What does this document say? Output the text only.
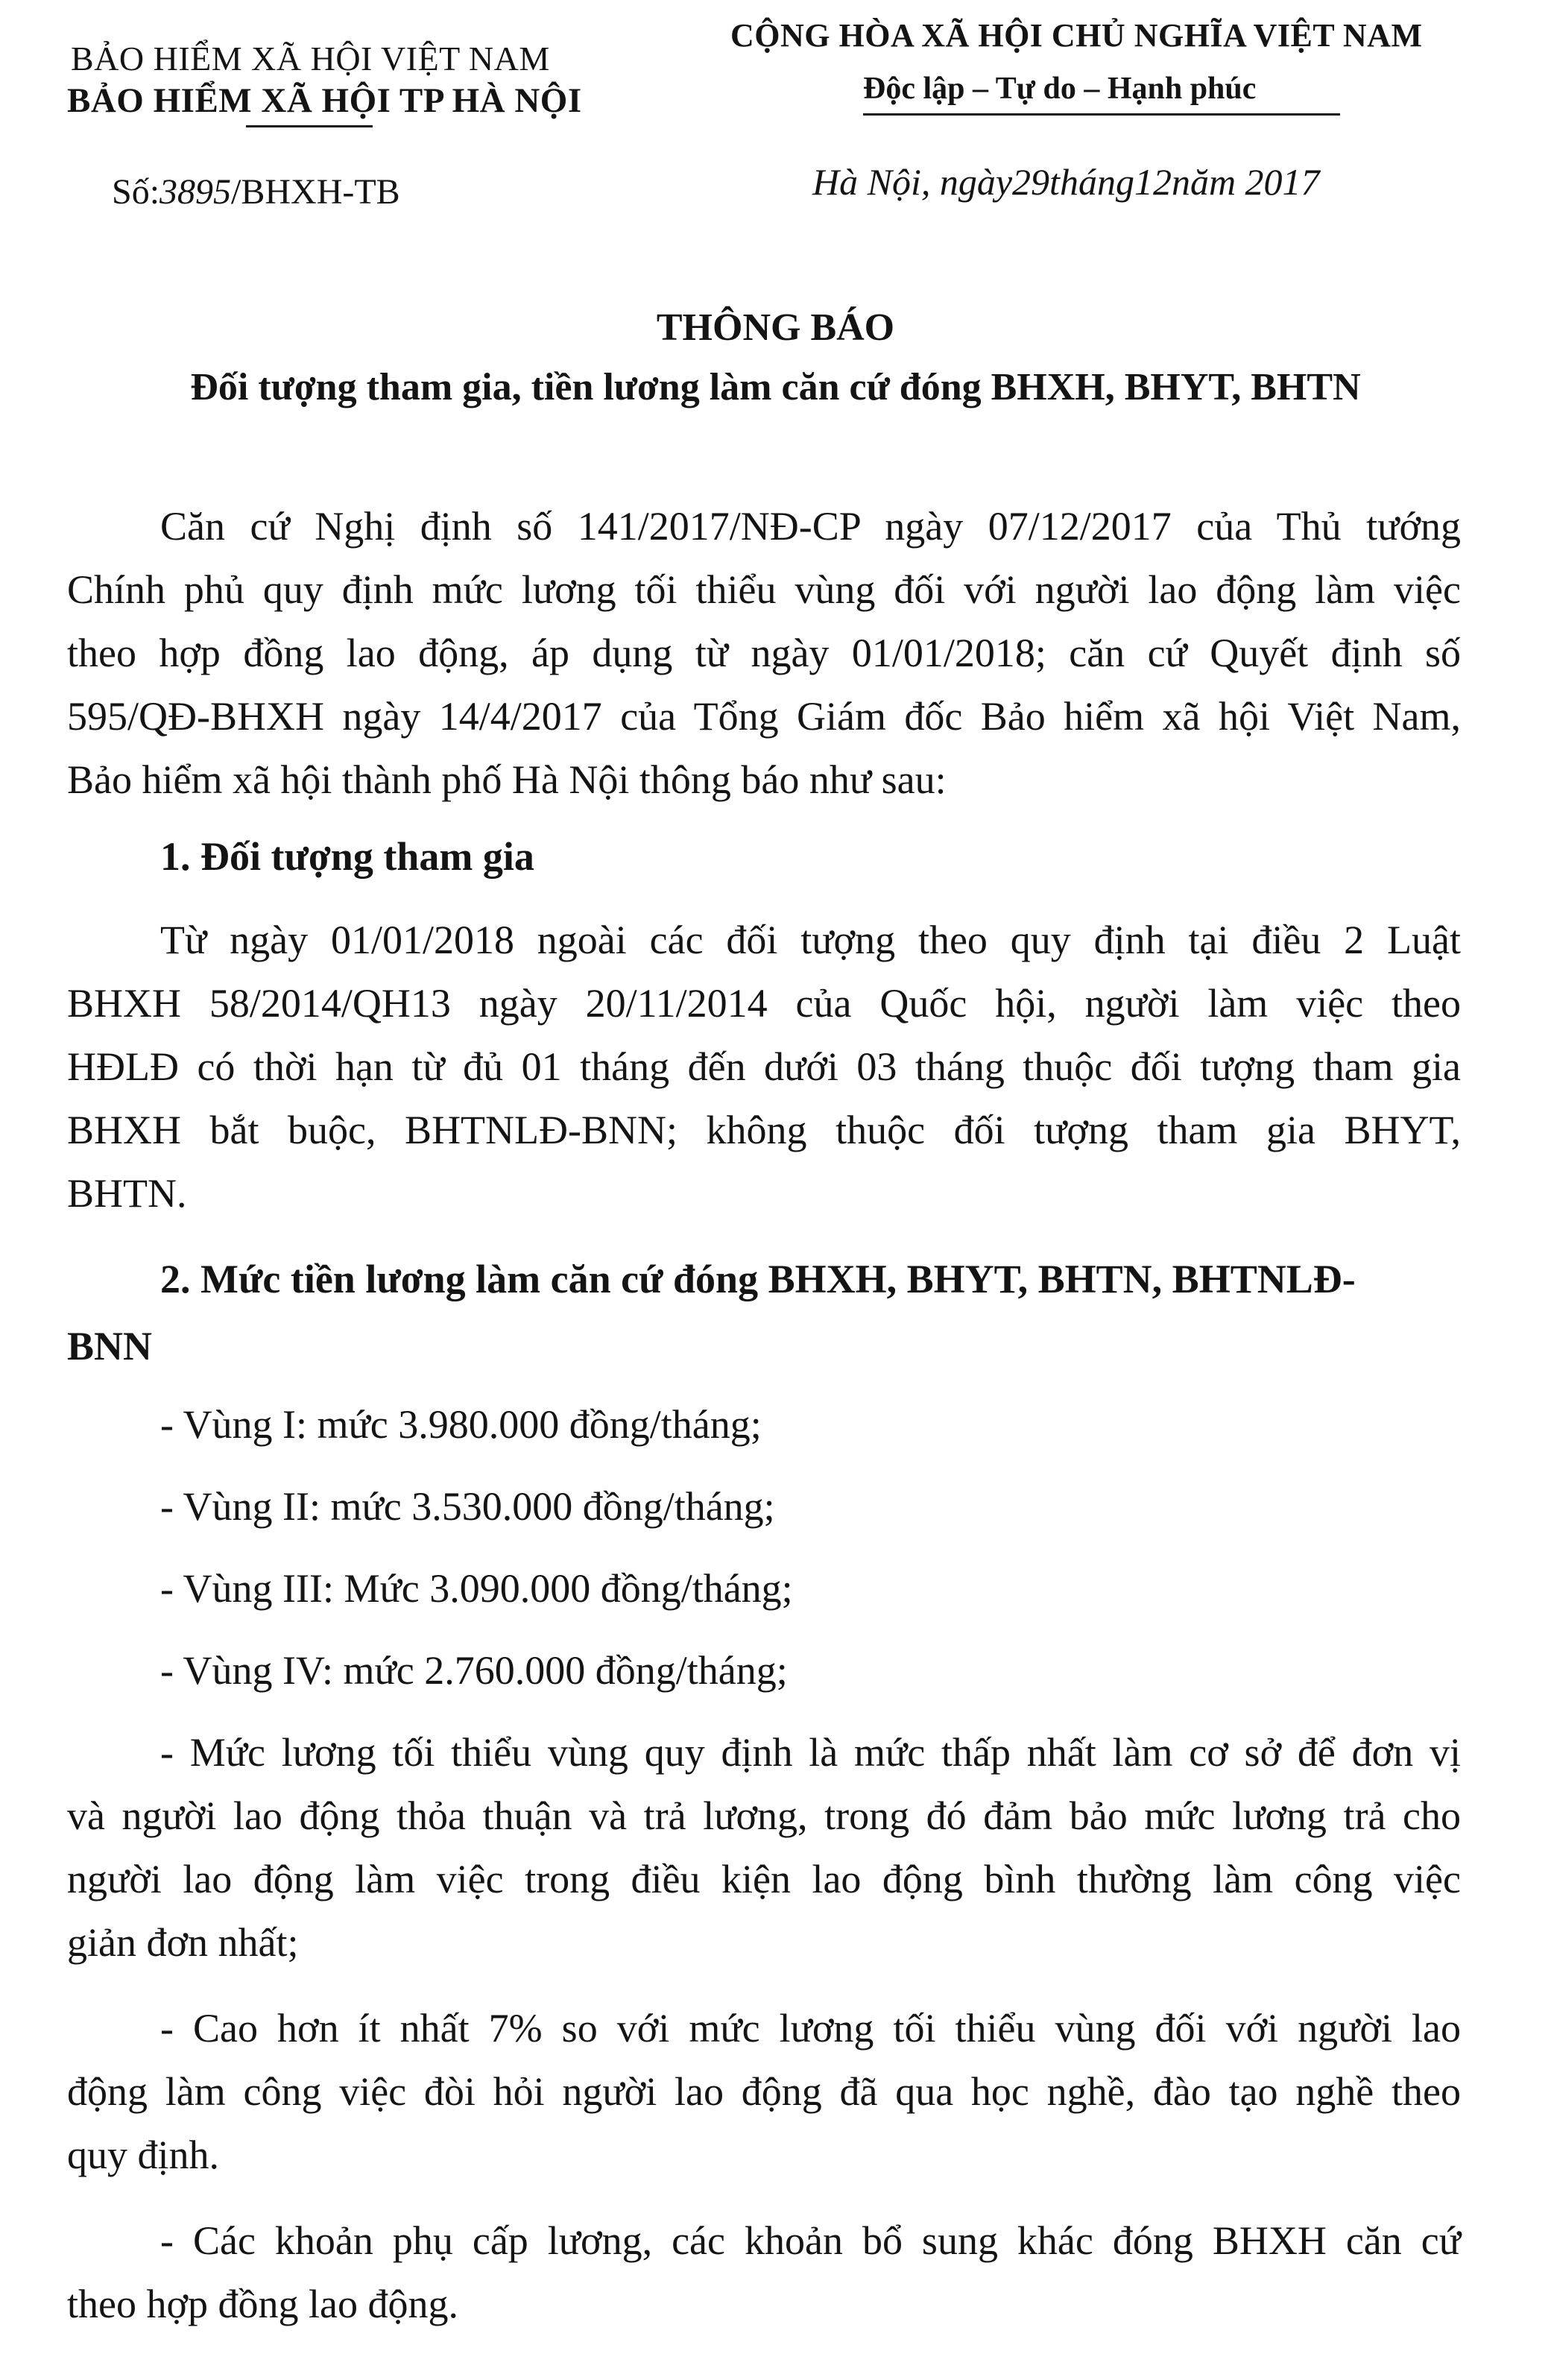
BẢO HIỂM XÃ HỘI VIỆT NAM
BẢO HIỂM XÃ HỘI TP HÀ NỘI
Số:3895/BHXH-TB
CỘNG HÒA XÃ HỘI CHỦ NGHĨA VIỆT NAM
Độc lập – Tự do – Hạnh phúc
Hà Nội, ngày29tháng12năm 2017
THÔNG BÁO
Đối tượng tham gia, tiền lương làm căn cứ đóng BHXH, BHYT, BHTN
Căn cứ Nghị định số 141/2017/NĐ-CP ngày 07/12/2017 của Thủ tướng
Chính phủ quy định mức lương tối thiểu vùng đối với người lao động làm việc
theo hợp đồng lao động, áp dụng từ ngày 01/01/2018; căn cứ Quyết định số
595/QĐ-BHXH ngày 14/4/2017 của Tổng Giám đốc Bảo hiểm xã hội Việt Nam,
Bảo hiểm xã hội thành phố Hà Nội thông báo như sau:
1. Đối tượng tham gia
Từ ngày 01/01/2018 ngoài các đối tượng theo quy định tại điều 2 Luật
BHXH 58/2014/QH13 ngày 20/11/2014 của Quốc hội, người làm việc theo
HĐLĐ có thời hạn từ đủ 01 tháng đến dưới 03 tháng thuộc đối tượng tham gia
BHXH bắt buộc, BHTNLĐ-BNN; không thuộc đối tượng tham gia BHYT,
BHTN.
2. Mức tiền lương làm căn cứ đóng BHXH, BHYT, BHTN, BHTNLĐ-
BNN
- Vùng I: mức 3.980.000 đồng/tháng;
- Vùng II: mức 3.530.000 đồng/tháng;
- Vùng III: Mức 3.090.000 đồng/tháng;
- Vùng IV: mức 2.760.000 đồng/tháng;
- Mức lương tối thiểu vùng quy định là mức thấp nhất làm cơ sở để đơn vị
và người lao động thỏa thuận và trả lương, trong đó đảm bảo mức lương trả cho
người lao động làm việc trong điều kiện lao động bình thường làm công việc
giản đơn nhất;
- Cao hơn ít nhất 7% so với mức lương tối thiểu vùng đối với người lao
động làm công việc đòi hỏi người lao động đã qua học nghề, đào tạo nghề theo
quy định.
- Các khoản phụ cấp lương, các khoản bổ sung khác đóng BHXH căn cứ
theo hợp đồng lao động.
